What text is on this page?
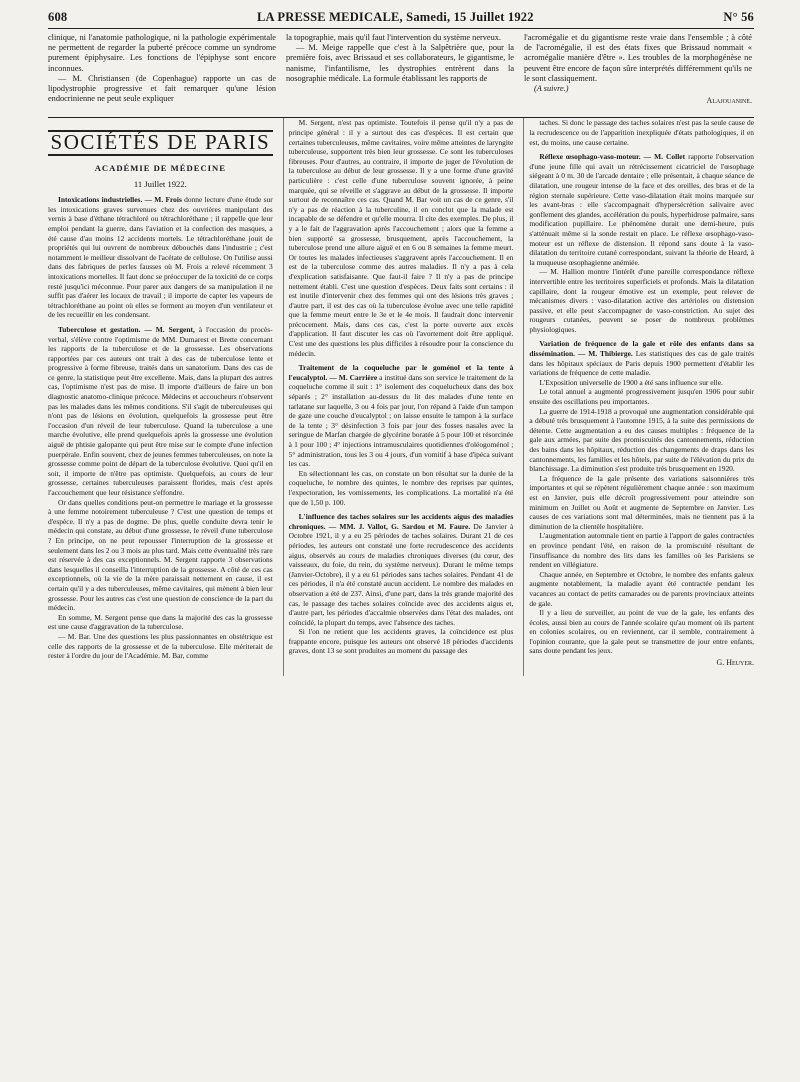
608	LA PRESSE MEDICALE, Samedi, 15 Juillet 1922	N° 56

clinique, ni l'anatomie pathologique, ni la pathologie expérimentale ne permettent de regarder la puberté précoce comme un syndrome purement épiphysaire. Les fonctions de l'épiphyse sont encore inconnues.

— M. Christiansen (de Copenhague) rapporte un cas de lipodystrophie progressive et fait remarquer qu'une lésion endocrinienne ne peut seule expliquer

la topographie, mais qu'il faut l'intervention du système nerveux.

— M. Meige rappelle que c'est à la Salpêtrière que, pour la première fois, avec Brissaud et ses collaborateurs, le gigantisme, le nanisme, l'infantilisme, les dystrophies entrèrent dans la nosographie médicale. La formule établissant les rapports de

l'acromégalie et du gigantisme reste vraie dans l'ensemble ; à côté de l'acromégalie, il est des états fixes que Brissaud nommait « acromégalie manière d'être ». Les troubles de la morphogénèse ne peuvent être encore de façon sûre interprétés différemment qu'ils ne le sont classiquement.

(A suivre.)

Alajouanine.

SOCIÉTÉS DE PARIS
ACADÉMIE DE MÉDECINE
11 Juillet 1922.

Intoxications industrielles. — M. Frois donne lecture d'une étude sur les intoxications graves survenues chez des ouvrières manipulant des vernis à base d'éthane tétrachloré ou tétrachloréthane ; il rappelle que leur emploi pendant la guerre, dans l'aviation et la confection des masques, a été cause d'au moins 12 accidents mortels. Le tétrachloréthane jouit de propriétés qui lui ouvrent de nombreux débouchés dans l'industrie ; c'est notamment le meilleur dissolvant de l'acétate de cellulose. On l'utilise aussi dans des fabriques de perles fausses où M. Frois a relevé récemment 3 intoxications mortelles. Il faut donc se préoccuper de la toxicité de ce corps resté jusqu'ici méconnue. Pour parer aux dangers de sa manipulation il ne suffit pas d'aérer les locaux de travail ; il importe de capter les vapeurs de tétrachloréthane au point où elles se forment au moyen d'un ventilateur et de les recueillir en les condensant.

Tuberculose et gestation. — M. Sergent, à l'occasion du procès-verbal, s'élève contre l'optimisme de MM. Dumarest et Brette concernant les rapports de la tuberculose et de la grossesse. Les observations rapportées par ces auteurs ont trait à des cas de tuberculose lente et progressive à forme fibreuse, traités dans un sanatorium. Dans des cas de ce genre, la statistique peut être excellente. Mais, dans la plupart des autres cas, l'optimisme n'est pas de mise. Il importe d'ailleurs de faire un bon diagnostic anatomo-clinique précoce. Médecins et accoucheurs n'observent pas les malades dans les mêmes conditions. S'il s'agit de tuberculeuses qui n'ont pas de lésions en évolution, quelquefois la grossesse peut être l'occasion d'un réveil de leur tuberculose. Quand la tuberculose a une marche évolutive, elle prend quelquefois après la grossesse une évolution aiguë de phtisie galopante qui peut être mise sur le compte d'une infection puerpérale. Enfin souvent, chez de jeunes femmes tuberculeuses, on note la grossesse comme point de départ de la tuberculose évolutive. Quoi qu'il en soit, il importe de n'être pas optimiste. Quelquefois, au cours de leur grossesse, certaines tuberculeuses paraissent florides, mais c'est après l'accouchement que leur résistance s'effondre.

Or dans quelles conditions peut-on permettre le mariage et la grossesse à une femme notoirement tuberculeuse ? C'est une question de temps et d'espèce. Il n'y a pas de dogme. De plus, quelle conduite devra tenir le médecin qui constate, au début d'une grossesse, le réveil d'une tuberculose ? En principe, on ne peut repousser l'interruption de la grossesse et seulement dans les 2 ou 3 mois au plus tard. Mais cette éventualité très rare est réservée à des cas exceptionnels. M. Sergent rapporte 3 observations dans lesquelles il conseilla l'interruption de la grossesse. A côté de ces cas exceptionnels, où la vie de la mère paraissait nettement en cause, il est certain qu'il y a des tuberculeuses, même cavitaires, qui mènent à bien leur grossesse. Pour les autres cas c'est une question de conscience de la part du médecin.

En somme, M. Sergent pense que dans la majorité des cas la grossesse est une cause d'aggravation de la tuberculose.

— M. Bar. Une des questions les plus passionnantes en obstétrique est celle des rapports de la grossesse et de la tuberculose. Elle mériterait de rester à l'ordre du jour de l'Académie. M. Bar, comme

M. Sergent, n'est pas optimiste. Toutefois il pense qu'il n'y a pas de principe général : il y a surtout des cas d'espèces. Il est certain que certaines tuberculeuses, même cavitaires, voire même atteintes de laryngite tuberculeuse, supportent très bien leur grossesse. Ce sont les tuberculoses fibreuses. Pour d'autres, au contraire, il importe de juger de l'évolution de la tuberculose au début de leur grossesse. Il y a une forme d'une gravité particulière : c'est celle d'une tuberculose souvent ignorée, à peine marquée, qui se réveille et s'aggrave au début de la grossesse. Il importe surtout de reconnaître ces cas. Quand M. Bar voit un cas de ce genre, s'il n'y a pas de réaction à la tuberculine, il en conclut que la malade est incapable de se défendre et qu'elle mourra. Il cite des exemples. De plus, il y a le fait de l'aggravation après l'accouchement ; alors que la femme a bien supporté sa grossesse, brusquement, après l'accouchement, la tuberculose prend une allure aiguë et en 6 ou 8 semaines la femme meurt. Or toutes les malades infectieuses s'aggravent après l'accouchement. Il en est de la tuberculose comme des autres maladies. Il n'y a pas à cela d'explication satisfaisante. Que faut-il faire ? Il n'y a pas de principe nettement établi. C'est une question d'espèces. Deux faits sont certains : il est inutile d'intervenir chez des femmes qui ont des lésions très graves ; d'autre part, il est des cas où la tuberculose évolue avec une telle rapidité que la femme meurt entre le 3e et le 4e mois. Il faudrait donc intervenir précocement. Mais, dans ces cas, c'est la porte ouverte aux excès d'application. Il faut discuter les cas où l'avortement doit être appliqué. C'est une des questions les plus difficiles à résoudre pour la conscience du médecin.

Traitement de la coqueluche par le goménol et la tente à l'eucalyptol. — M. Carrière a institué dans son service le traitement de la coqueluche comme il suit : 1° isolement des coquelucheux dans des box séparés ; 2° installation au-dessus du lit des malades d'une tente en tarlatane sur laquelle, 3 ou 4 fois par jour, l'on répand à l'aide d'un tampon de gaze une couche d'eucalyptol ; on laisse ensuite le tampon à la surface de la tente ; 3° désinfection 3 fois par jour des fosses nasales avec la seringue de Marfan chargée de glycérine boratée à 5 pour 100 et résorcinée à 1 pour 100 ; 4° injections intramusculaires quotidiennes d'oléogoménol ; 5° administration, tous les 3 ou 4 jours, d'un vomitif à base d'ipéca suivant les cas.

En sélectionnant les cas, on constate un bon résultat sur la durée de la coqueluche, le nombre des quintes, le nombre des reprises par quintes, l'expectoration, les vomissements, les complications. La mortalité n'a été que de 1,50 p. 100.

L'influence des taches solaires sur les accidents aigus des maladies chroniques. — MM. J. Vallot, G. Sardou et M. Faure. De Janvier à Octobre 1921, il y a eu 25 périodes de taches solaires. Durant 21 de ces périodes, les auteurs ont constaté une forte recrudescence des accidents aigus, observés au cours de maladies chroniques diverses (du cœur, des vaisseaux, du foie, du rein, du système nerveux). Durant le même temps (Janvier-Octobre), il y a eu 61 périodes sans taches solaires. Pendant 41 de ces périodes, il n'a été constaté aucun accident. Le nombre des malades en observation a été de 237. Ainsi, d'une part, dans la très grande majorité des cas, le passage des taches solaires coïncide avec des accidents aigus et, d'autre part, les périodes d'accalmie observées dans l'état des malades, ont coïncidé, la plupart du temps, avec l'absence des taches.

Si l'on ne retient que les accidents graves, la coïncidence est plus frappante encore, puisque les auteurs ont observé 18 périodes d'accidents graves, dont 13 se sont produites au moment du passage des

taches. Si donc le passage des taches solaires n'est pas la seule cause de la recrudescence ou de l'apparition inexpliquée d'états pathologiques, il en est, du moins, une cause certaine.

Réflexe œsophago-vaso-moteur. — M. Collet rapporte l'observation d'une jeune fille qui avait un rétrécissement cicatriciel de l'œsophage siégeant à 0 m. 30 de l'arcade dentaire ; elle présentait, à chaque séance de dilatation, une rougeur intense de la face et des oreilles, des bras et de la région sternale supérieure. Cette vaso-dilatation était moins marquée sur les avant-bras : elle s'accompagnait d'hypersécrétion salivaire avec gonflement des glandes, accélération du pouls, hyperhidrose palmaire, sans modification pupillaire. Le phénomène durait une demi-heure, puis s'atténuait même si la sonde restait en place. Le réflexe œsophago-vaso-moteur est un réflexe de distension. Il répond sans doute à la vaso-dilatation du territoire cutané correspondant, suivant la théorie de Heard, à la muqueuse œsophagienne anémiée.

— M. Hallion montre l'intérêt d'une pareille correspondance réflexe intervertible entre les territoires superficiels et profonds. Mais la dilatation capillaire, dont la rougeur émotive est un exemple, peut relever de mécanismes divers : vaso-dilatation active des artérioles ou distension passive, et elle peut s'accompagner de vaso-constriction. Au sujet des rougeurs cutanées, peuvent se poser de nombreux problèmes physiologiques.

Variation de fréquence de la gale et rôle des enfants dans sa dissémination. — M. Thibierge. Les statistiques des cas de gale traités dans les hôpitaux spéciaux de Paris depuis 1900 permettent d'établir les variations de fréquence de cette maladie.

L'Exposition universelle de 1900 a été sans influence sur elle.

Le total annuel a augmenté progressivement jusqu'en 1906 pour subir ensuite des oscillations peu importantes.

La guerre de 1914-1918 a provoqué une augmentation considérable qui a débuté très brusquement à l'automne 1915, à la suite des permissions de détente. Cette augmentation a eu des causes multiples : fréquence de la gale aux armées, par suite des promiscuités des cantonnements, réduction des bains dans les hôpitaux, réduction des changements de draps dans les cantonnements, les familles et les hôtels, par suite de l'élévation du prix du blanchissage. La diminution s'est produite très brusquement en 1920.

La fréquence de la gale présente des variations saisonnières très importantes et qui se répètent régulièrement chaque année : son maximum est en Janvier, puis elle décroît progressivement pour atteindre son minimum en Juillet ou Août et augmente de Septembre en Janvier. Les causes de ces variations sont mal déterminées, mais ne tiennent pas à la diminution de la clientèle hospitalière.

L'augmentation automnale tient en partie à l'apport de gales contractées en province pendant l'été, en raison de la promiscuité résultant de l'insuffisance du nombre des lits dans les familles où les Parisiens se rendent en villégiature.

Chaque année, en Septembre et Octobre, le nombre des enfants galeux augmente notablement, la maladie ayant été contractée pendant les vacances au contact de petits camarades ou de parents provinciaux atteints de gale.

Il y a lieu de surveiller, au point de vue de la gale, les enfants des écoles, aussi bien au cours de l'année scolaire qu'au moment où ils partent en colonies scolaires, ou en reviennent, car il semble, contrairement à l'opinion courante, que la gale peut se transmettre de jour entre enfants, sans doute pendant les jeux.

G. Heuyer.
